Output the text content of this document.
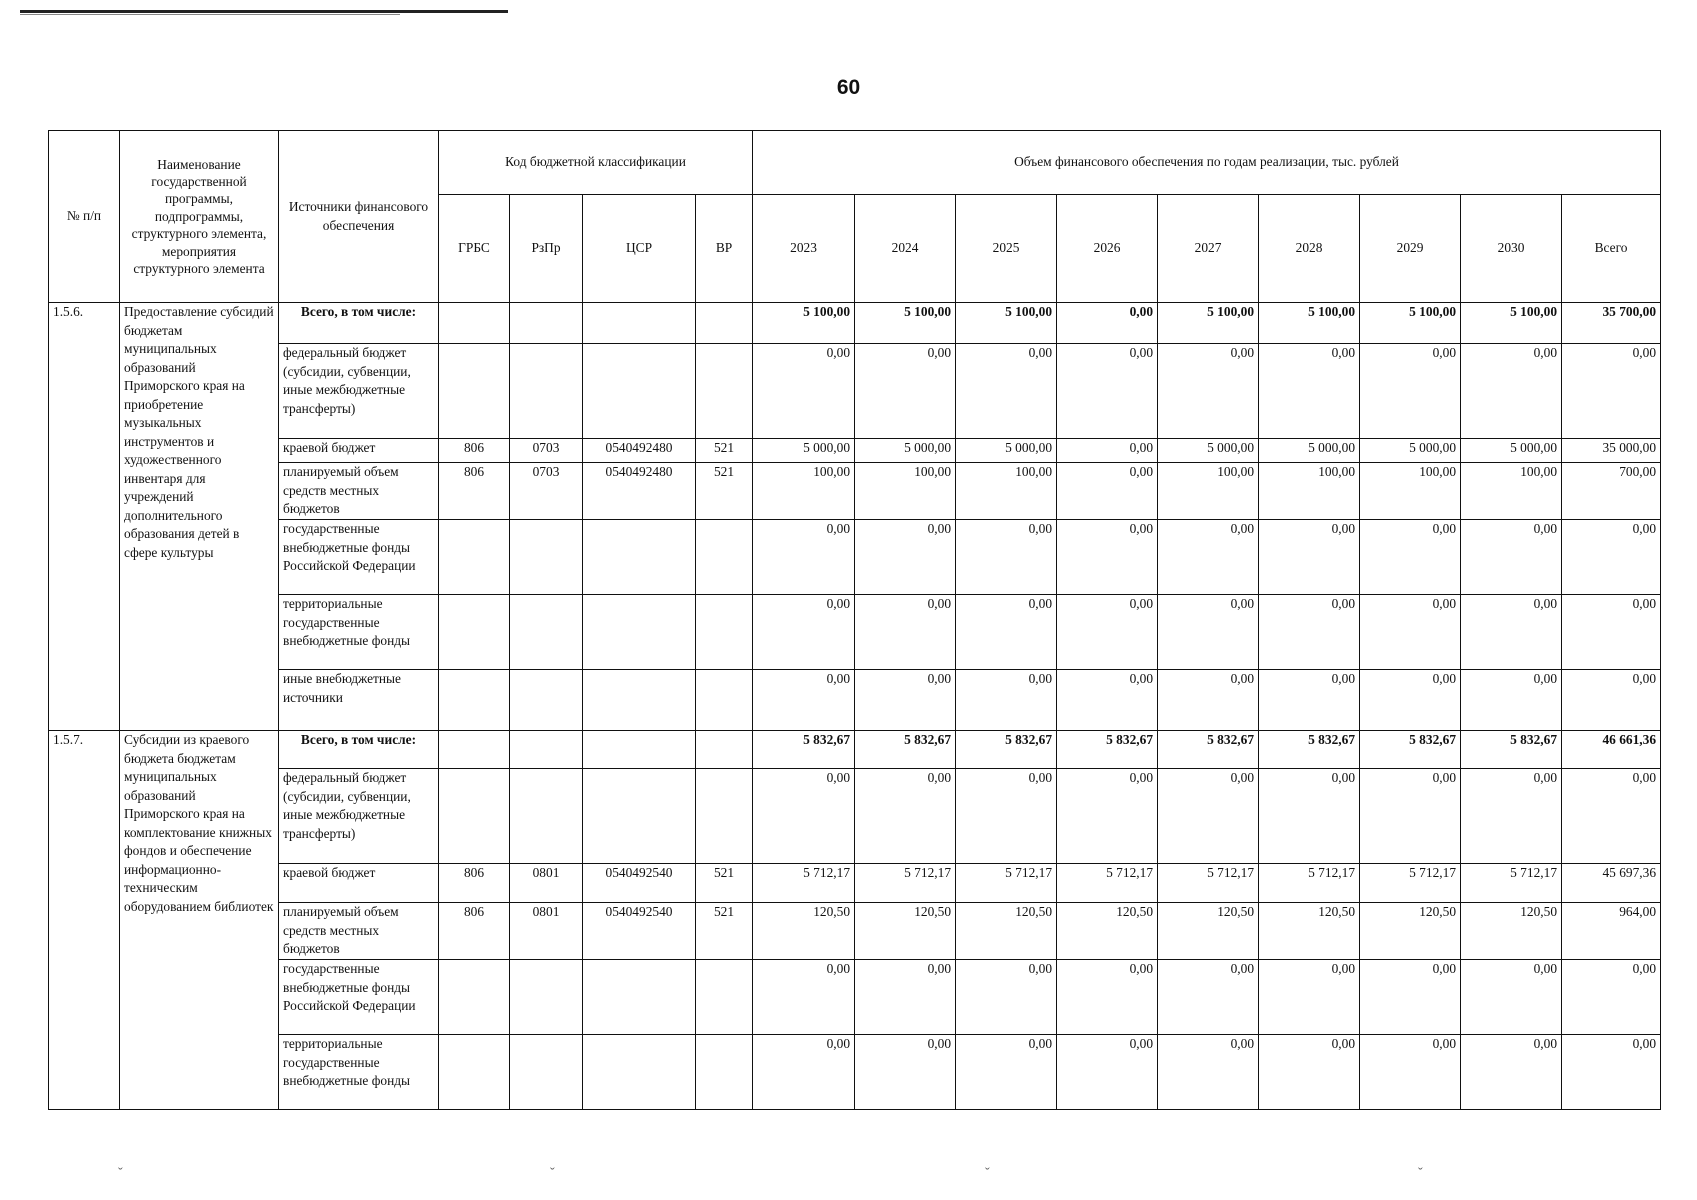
60
№ п/п	Наименование государственной программы, подпрограммы, структурного элемента, мероприятия структурного элемента	Источники финансового обеспечения	Код бюджетной классификации				Объем финансового обеспечения по годам реализации, тыс. рублей								
			ГРБС	РзПр	ЦСР	ВР	2023	2024	2025	2026	2027	2028	2029	2030	Всего
1.5.6.	Предоставление субсидий бюджетам муниципальных образований Приморского края на приобретение музыкальных инструментов и художественного инвентаря для учреждений дополнительного образования детей в сфере культуры	Всего, в том числе:					5 100,00	5 100,00	5 100,00	0,00	5 100,00	5 100,00	5 100,00	5 100,00	35 700,00
		федеральный бюджет (субсидии, субвенции, иные межбюджетные трансферты)					0,00	0,00	0,00	0,00	0,00	0,00	0,00	0,00	0,00
		краевой бюджет	806	0703	0540492480	521	5 000,00	5 000,00	5 000,00	0,00	5 000,00	5 000,00	5 000,00	5 000,00	35 000,00
		планируемый объем средств местных бюджетов	806	0703	0540492480	521	100,00	100,00	100,00	0,00	100,00	100,00	100,00	100,00	700,00
		государственные внебюджетные фонды Российской Федерации					0,00	0,00	0,00	0,00	0,00	0,00	0,00	0,00	0,00
		территориальные государственные внебюджетные фонды					0,00	0,00	0,00	0,00	0,00	0,00	0,00	0,00	0,00
		иные внебюджетные источники					0,00	0,00	0,00	0,00	0,00	0,00	0,00	0,00	0,00
1.5.7.	Субсидии из краевого бюджета бюджетам муниципальных образований Приморского края на комплектование книжных фондов и обеспечение информационно-техническим оборудованием библиотек	Всего, в том числе:					5 832,67	5 832,67	5 832,67	5 832,67	5 832,67	5 832,67	5 832,67	5 832,67	46 661,36
		федеральный бюджет (субсидии, субвенции, иные межбюджетные трансферты)					0,00	0,00	0,00	0,00	0,00	0,00	0,00	0,00	0,00
		краевой бюджет	806	0801	0540492540	521	5 712,17	5 712,17	5 712,17	5 712,17	5 712,17	5 712,17	5 712,17	5 712,17	45 697,36
		планируемый объем средств местных бюджетов	806	0801	0540492540	521	120,50	120,50	120,50	120,50	120,50	120,50	120,50	120,50	964,00
		государственные внебюджетные фонды Российской Федерации					0,00	0,00	0,00	0,00	0,00	0,00	0,00	0,00	0,00
		территориальные государственные внебюджетные фонды					0,00	0,00	0,00	0,00	0,00	0,00	0,00	0,00	0,00
ˇ	ˇ	ˇ	ˇ
